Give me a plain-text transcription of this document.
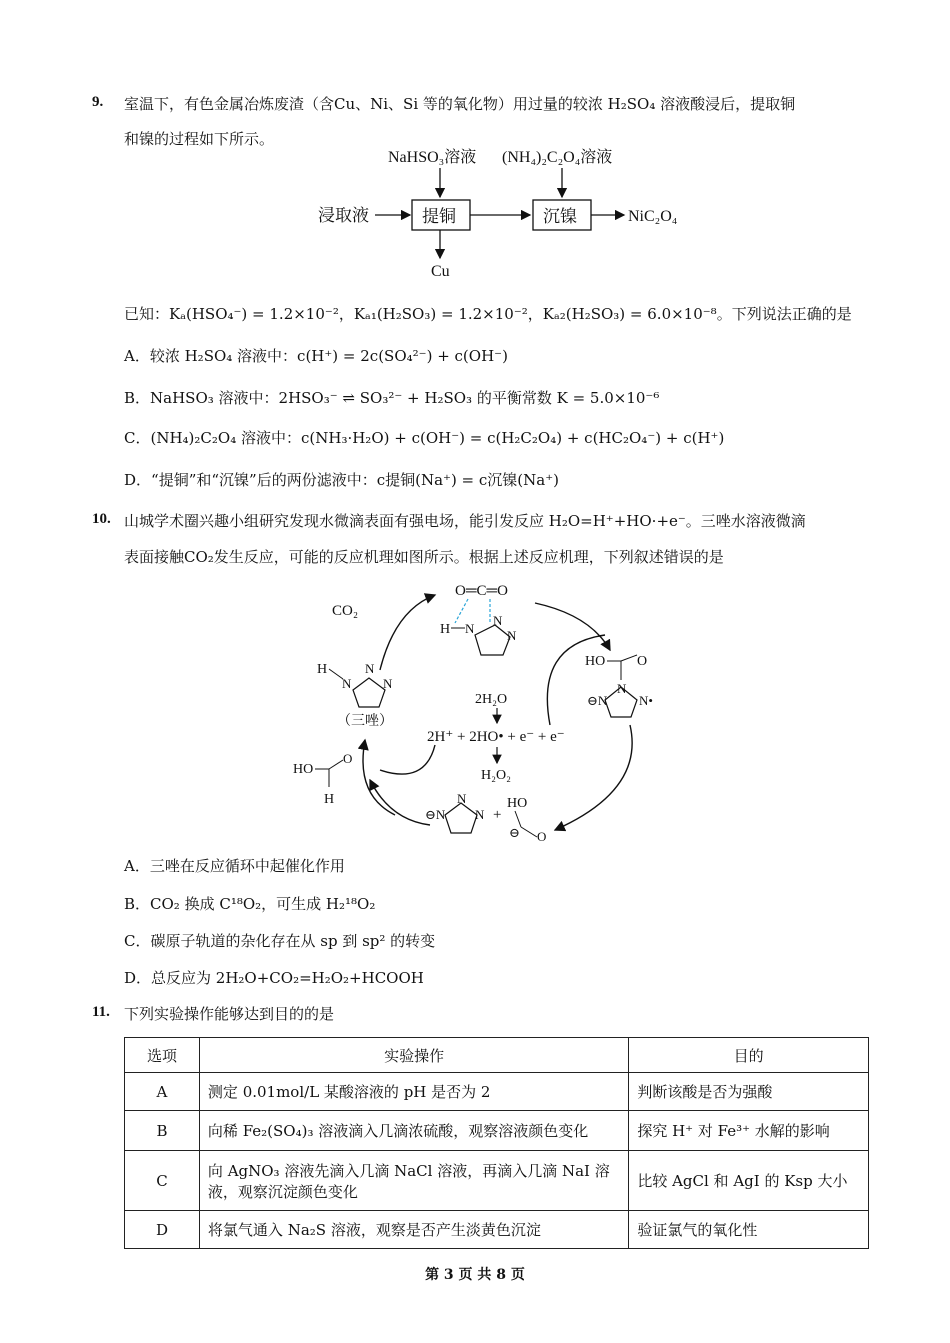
9. 室温下，有色金属冶炼废渣（含Cu、Ni、Si 等的氧化物）用过量的较浓 H₂SO₄ 溶液酸浸后，提取铜
和镍的过程如下所示。
NaHSO₃溶液 (NH₄)₂C₂O₄溶液
浸取液	提铜	沉镍	NiC₂O₄
Cu
已知：Kₐ(HSO₄⁻) = 1.2×10⁻²，Kₐ₁(H₂SO₃) = 1.2×10⁻²，Kₐ₂(H₂SO₃) = 6.0×10⁻⁸。下列说法正确的是
A．较浓 H₂SO₄ 溶液中：c(H⁺) = 2c(SO₄²⁻) + c(OH⁻)
B．NaHSO₃ 溶液中：2HSO₃⁻ ⇌ SO₃²⁻ + H₂SO₃ 的平衡常数 K = 5.0×10⁻⁶
C．(NH₄)₂C₂O₄ 溶液中：c(NH₃·H₂O) + c(OH⁻) = c(H₂C₂O₄) + c(HC₂O₄⁻) + c(H⁺)
D．“提铜”和“沉镍”后的两份滤液中：c提铜(Na⁺) = c沉镍(Na⁺)
10. 山城学术圈兴趣小组研究发现水微滴表面有强电场，能引发反应 H₂O=H⁺+HO·+e⁻。三唑水溶液微滴
表面接触CO₂发生反应，可能的反应机理如图所示。根据上述反应机理，下列叙述错误的是
CO₂
O═C═O
H N
N
N
HO O
N
⊖N N•
H
N
N
N
（三唑）
2H₂O
2H⁺ + 2HO• + e⁻ + e⁻
H₂O₂
HO
O
H
⊖N
N
N +
HO
O
⊖
A．三唑在反应循环中起催化作用
B．CO₂ 换成 C¹⁸O₂，可生成 H₂¹⁸O₂
C．碳原子轨道的杂化存在从 sp 到 sp² 的转变
D．总反应为 2H₂O+CO₂=H₂O₂+HCOOH
11. 下列实验操作能够达到目的的是
选项	实验操作	目的
A	测定 0.01mol/L 某酸溶液的 pH 是否为 2	判断该酸是否为强酸
B	向稀 Fe₂(SO₄)₃ 溶液滴入几滴浓硫酸，观察溶液颜色变化	探究 H⁺ 对 Fe³⁺ 水解的影响
C	向 AgNO₃ 溶液先滴入几滴 NaCl 溶液，再滴入几滴 NaI 溶液，观察沉淀颜色变化	比较 AgCl 和 AgI 的 Ksp 大小
D	将氯气通入 Na₂S 溶液，观察是否产生淡黄色沉淀	验证氯气的氧化性
第 3 页 共 8 页
